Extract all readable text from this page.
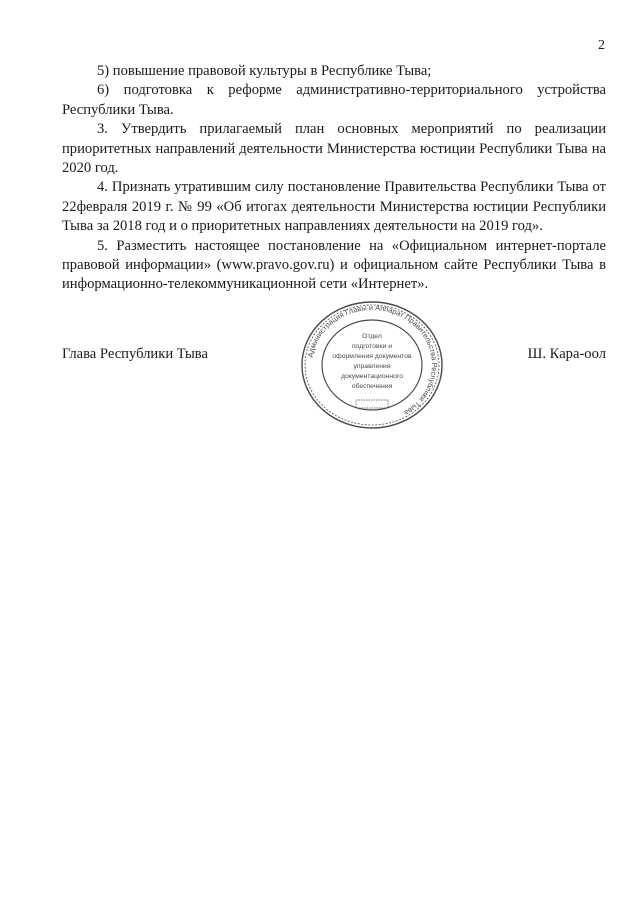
2

5) повышение правовой культуры в Республике Тыва;

6) подготовка к реформе административно-территориального устройства Республики Тыва.

3. Утвердить прилагаемый план основных мероприятий по реализации приоритетных направлений деятельности Министерства юстиции Республики Тыва на 2020 год.

4. Признать утратившим силу постановление Правительства Республики Тыва от 22февраля 2019 г. № 99 «Об итогах деятельности Министерства юстиции Республики Тыва за 2018 год и о приоритетных направлениях деятельности на 2019 год».

5. Разместить настоящее постановление на «Официальном интернет-портале правовой информации» (www.pravo.gov.ru) и официальном сайте Республики Тыва в информационно-телекоммуникационной сети «Интернет».

Глава Республики Тыва	Ш. Кара-оол
Администрация Главы и Аппарат Правительства Республики Тыва
Отдел
подготовки и
оформления документов
управления
документационного
обеспечения
